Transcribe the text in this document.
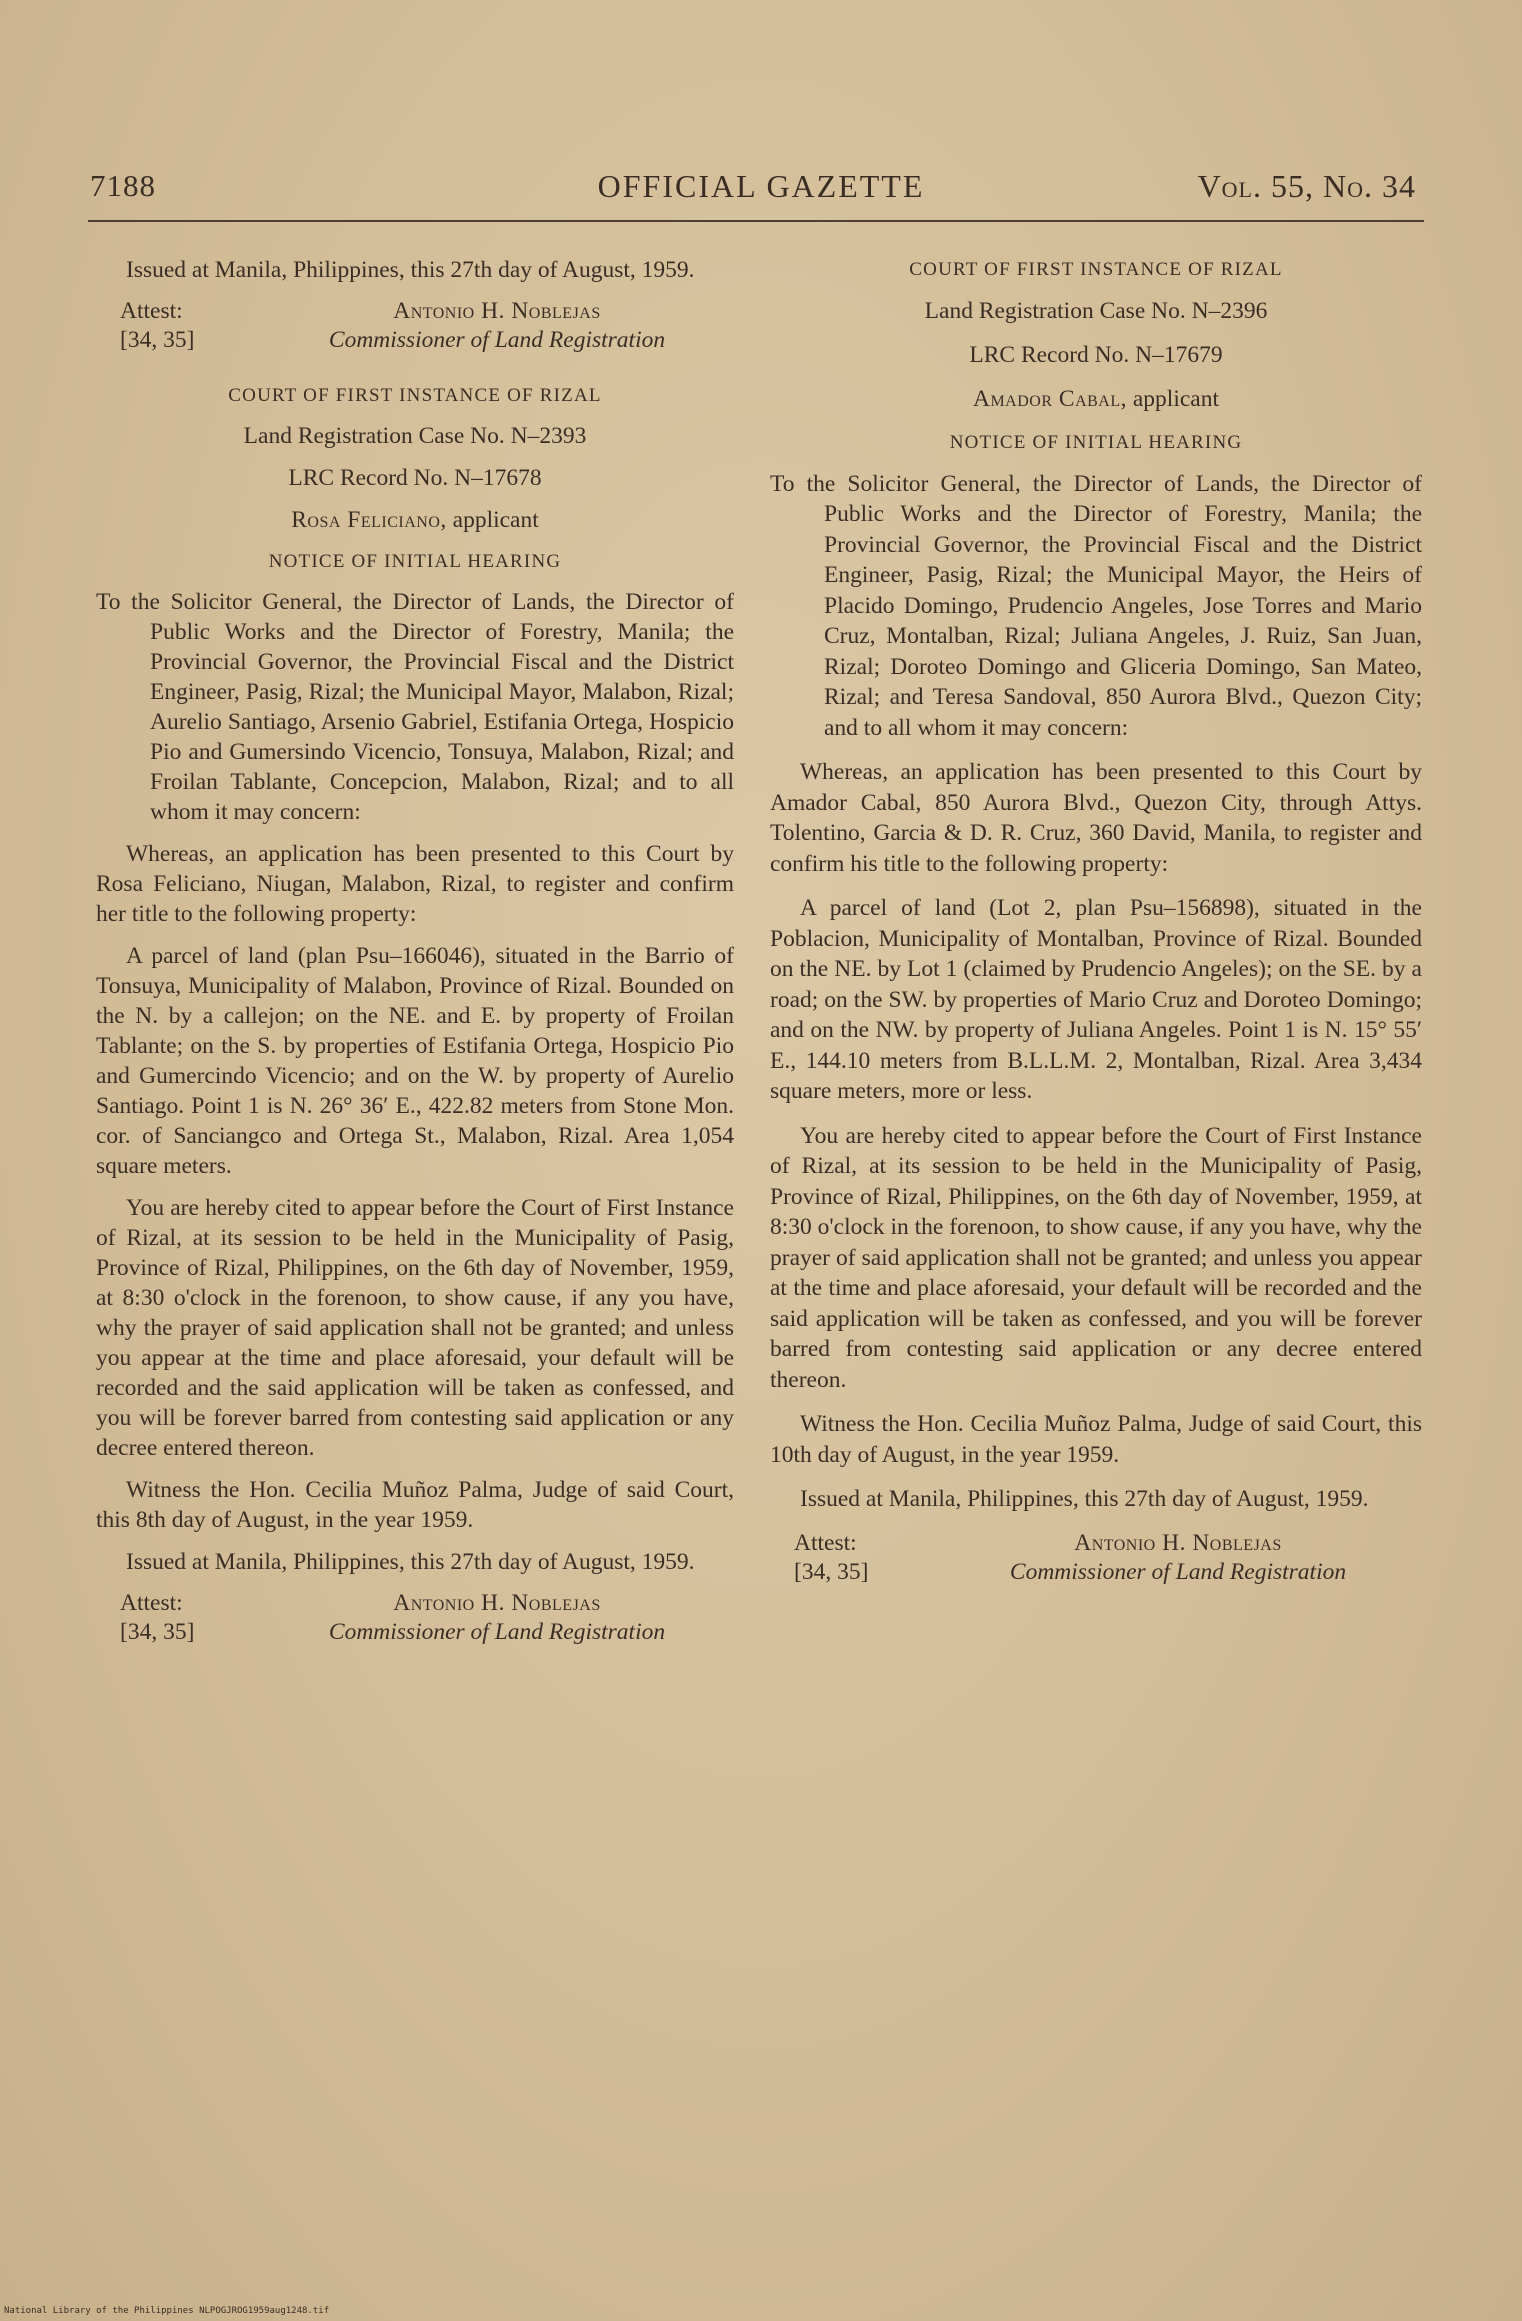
7188	OFFICIAL GAZETTE	Vol. 55, No. 34

Issued at Manila, Philippines, this 27th day of August, 1959.

Attest:
[34, 35]
Antonio H. Noblejas
Commissioner of Land Registration
COURT OF FIRST INSTANCE OF RIZAL

Land Registration Case No. N–2393

LRC Record No. N–17678

Rosa Feliciano, applicant

NOTICE OF INITIAL HEARING

To the Solicitor General, the Director of Lands, the Director of Public Works and the Director of Forestry, Manila; the Provincial Governor, the Provincial Fiscal and the District Engineer, Pasig, Rizal; the Municipal Mayor, Malabon, Rizal; Aurelio Santiago, Arsenio Gabriel, Estifania Ortega, Hospicio Pio and Gumersindo Vicencio, Tonsuya, Malabon, Rizal; and Froilan Tablante, Concepcion, Malabon, Rizal; and to all whom it may concern:

Whereas, an application has been presented to this Court by Rosa Feliciano, Niugan, Malabon, Rizal, to register and confirm her title to the following property:

A parcel of land (plan Psu–166046), situated in the Barrio of Tonsuya, Municipality of Malabon, Province of Rizal. Bounded on the N. by a callejon; on the NE. and E. by property of Froilan Tablante; on the S. by properties of Estifania Ortega, Hospicio Pio and Gumercindo Vicencio; and on the W. by property of Aurelio Santiago. Point 1 is N. 26° 36′ E., 422.82 meters from Stone Mon. cor. of Sanciangco and Ortega St., Malabon, Rizal. Area 1,054 square meters.

You are hereby cited to appear before the Court of First Instance of Rizal, at its session to be held in the Municipality of Pasig, Province of Rizal, Philippines, on the 6th day of November, 1959, at 8:30 o'clock in the forenoon, to show cause, if any you have, why the prayer of said application shall not be granted; and unless you appear at the time and place aforesaid, your default will be recorded and the said application will be taken as confessed, and you will be forever barred from contesting said application or any decree entered thereon.

Witness the Hon. Cecilia Muñoz Palma, Judge of said Court, this 8th day of August, in the year 1959.

Issued at Manila, Philippines, this 27th day of August, 1959.

Attest:
[34, 35]
Antonio H. Noblejas
Commissioner of Land Registration
COURT OF FIRST INSTANCE OF RIZAL

Land Registration Case No. N–2396

LRC Record No. N–17679

Amador Cabal, applicant

NOTICE OF INITIAL HEARING

To the Solicitor General, the Director of Lands, the Director of Public Works and the Director of Forestry, Manila; the Provincial Governor, the Provincial Fiscal and the District Engineer, Pasig, Rizal; the Municipal Mayor, the Heirs of Placido Domingo, Prudencio Angeles, Jose Torres and Mario Cruz, Montalban, Rizal; Juliana Angeles, J. Ruiz, San Juan, Rizal; Doroteo Domingo and Gliceria Domingo, San Mateo, Rizal; and Teresa Sandoval, 850 Aurora Blvd., Quezon City; and to all whom it may concern:

Whereas, an application has been presented to this Court by Amador Cabal, 850 Aurora Blvd., Quezon City, through Attys. Tolentino, Garcia & D. R. Cruz, 360 David, Manila, to register and confirm his title to the following property:

A parcel of land (Lot 2, plan Psu–156898), situated in the Poblacion, Municipality of Montalban, Province of Rizal. Bounded on the NE. by Lot 1 (claimed by Prudencio Angeles); on the SE. by a road; on the SW. by properties of Mario Cruz and Doroteo Domingo; and on the NW. by property of Juliana Angeles. Point 1 is N. 15° 55′ E., 144.10 meters from B.L.L.M. 2, Montalban, Rizal. Area 3,434 square meters, more or less.

You are hereby cited to appear before the Court of First Instance of Rizal, at its session to be held in the Municipality of Pasig, Province of Rizal, Philippines, on the 6th day of November, 1959, at 8:30 o'clock in the forenoon, to show cause, if any you have, why the prayer of said application shall not be granted; and unless you appear at the time and place aforesaid, your default will be recorded and the said application will be taken as confessed, and you will be forever barred from contesting said application or any decree entered thereon.

Witness the Hon. Cecilia Muñoz Palma, Judge of said Court, this 10th day of August, in the year 1959.

Issued at Manila, Philippines, this 27th day of August, 1959.

Attest:
[34, 35]
Antonio H. Noblejas
Commissioner of Land Registration
National Library of the Philippines NLPOGJROG1959aug1248.tif
